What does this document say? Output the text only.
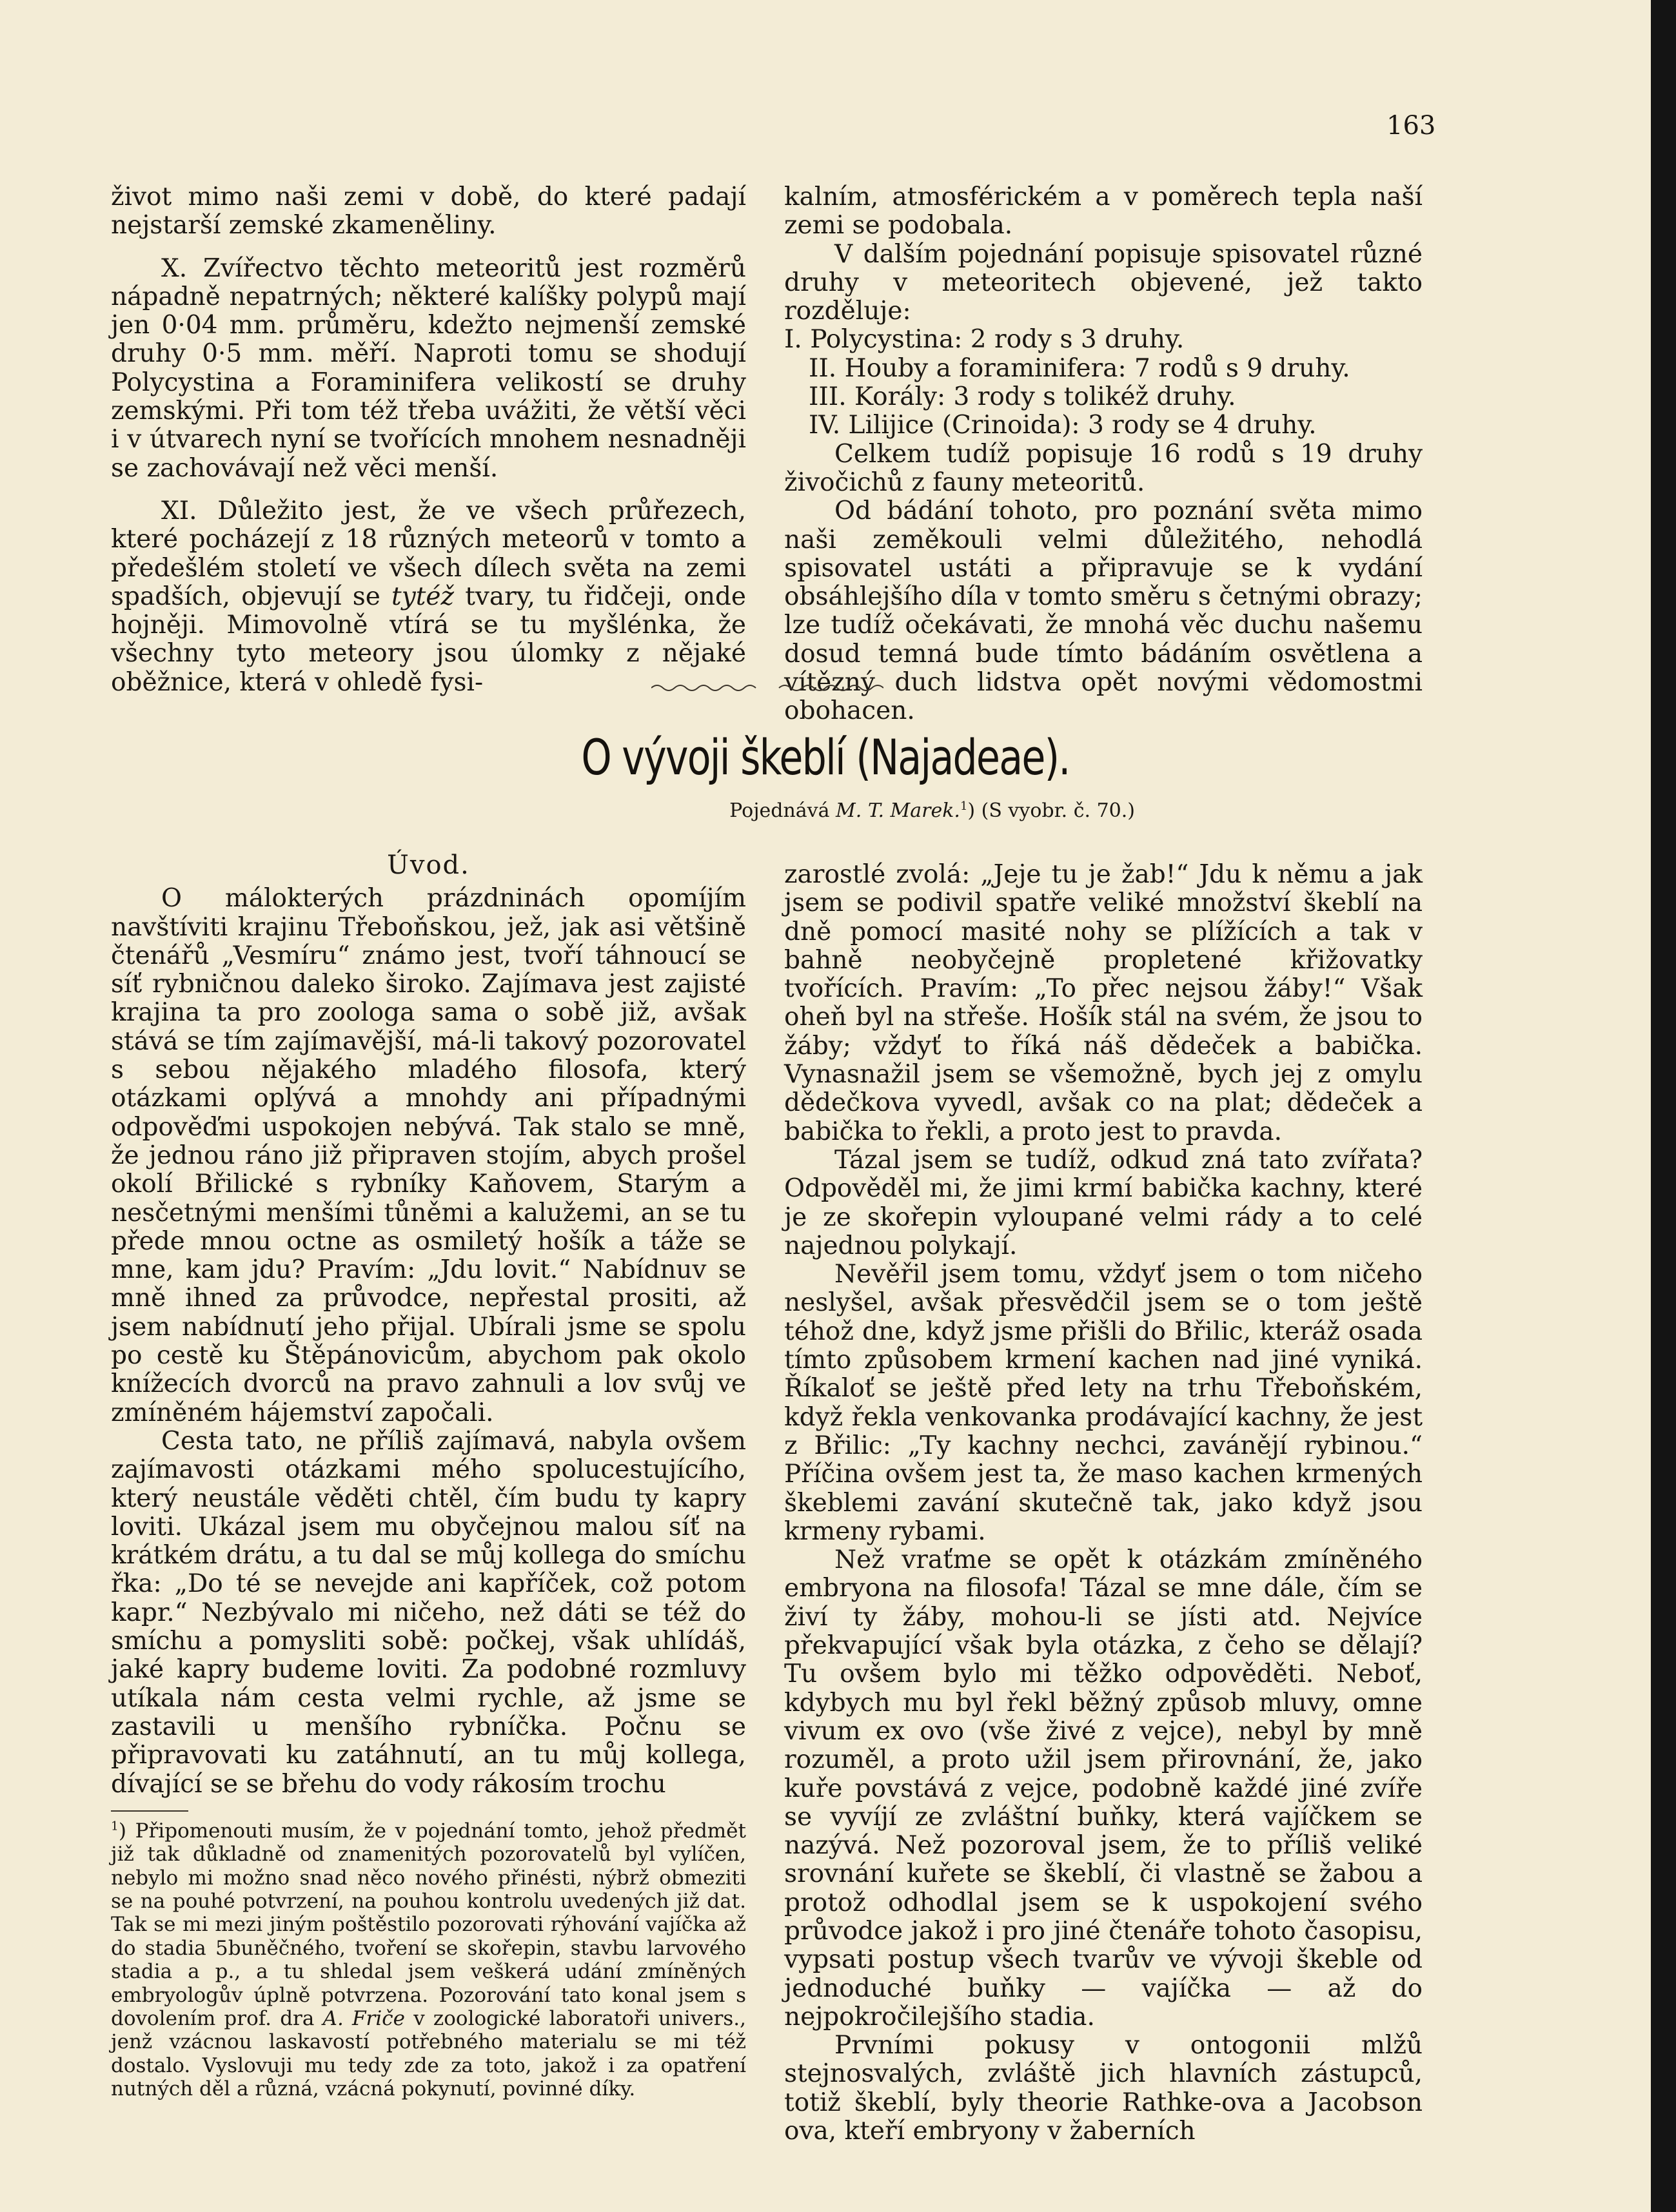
163

život mimo naši zemi v době, do které padají nejstarší zemské zkameněliny.

X. Zvířectvo těchto meteoritů jest rozměrů nápadně nepatrných; některé kalíšky polypů mají jen 0·04 mm. průměru, kdežto nejmenší zemské druhy 0·5 mm. měří. Naproti tomu se shodují Polycystina a Foraminifera velikostí se druhy zemskými. Při tom též třeba uvážiti, že větší věci i v útvarech nyní se tvořících mnohem nesnadněji se zachovávají než věci menší.

XI. Důležito jest, že ve všech průřezech, které pocházejí z 18 různých meteorů v tomto a předešlém století ve všech dílech světa na zemi spadších, objevují se tytéž tvary, tu řidčeji, onde hojněji. Mimovolně vtírá se tu myšlénka, že všechny tyto meteory jsou úlomky z nějaké oběžnice, která v ohledě fysi-

kalním, atmosférickém a v poměrech tepla naší zemi se podobala.

V dalším pojednání popisuje spisovatel různé druhy v meteoritech objevené, jež takto rozděluje:

I. Polycystina: 2 rody s 3 druhy.

II. Houby a foraminifera: 7 rodů s 9 druhy.

III. Korály: 3 rody s tolikéž druhy.

IV. Lilijice (Crinoida): 3 rody se 4 druhy.

Celkem tudíž popisuje 16 rodů s 19 druhy živočichů z fauny meteoritů.

Od bádání tohoto, pro poznání světa mimo naši zeměkouli velmi důležitého, nehodlá spisovatel ustáti a připravuje se k vydání obsáhlejšího díla v tomto směru s četnými obrazy; lze tudíž očekávati, že mnohá věc duchu našemu dosud temná bude tímto bádáním osvětlena a vítězný duch lidstva opět novými vědomostmi obohacen.

O vývoji škeblí (Najadeae).
Pojednává M. T. Marek.$^1$) (S vyobr. č. 70.)
Úvod.

O málokterých prázdninách opomíjím navštíviti krajinu Třeboňskou, jež, jak asi většině čtenářů „Vesmíru“ známo jest, tvoří táhnoucí se síť rybničnou daleko široko. Zajímava jest zajisté krajina ta pro zoologa sama o sobě již, avšak stává se tím zajímavější, má-li takový pozorovatel s sebou nějakého mladého filosofa, který otázkami oplývá a mnohdy ani případnými odpověďmi uspokojen nebývá. Tak stalo se mně, že jednou ráno již připraven stojím, abych prošel okolí Břilické s rybníky Kaňovem, Starým a nesčetnými menšími tůněmi a kalužemi, an se tu přede mnou octne as osmiletý hošík a táže se mne, kam jdu? Pravím: „Jdu lovit.“ Nabídnuv se mně ihned za průvodce, nepřestal prositi, až jsem nabídnutí jeho přijal. Ubírali jsme se spolu po cestě ku Štěpánovicům, abychom pak okolo knížecích dvorců na pravo zahnuli a lov svůj ve zmíněném hájemství započali.

Cesta tato, ne příliš zajímavá, nabyla ovšem zajímavosti otázkami mého spolucestujícího, který neustále věděti chtěl, čím budu ty kapry loviti. Ukázal jsem mu obyčejnou malou síť na krátkém drátu, a tu dal se můj kollega do smíchu řka: „Do té se nevejde ani kapříček, což potom kapr.“ Nezbývalo mi ničeho, než dáti se též do smíchu a pomysliti sobě: počkej, však uhlídáš, jaké kapry budeme loviti. Za podobné rozmluvy utíkala nám cesta velmi rychle, až jsme se zastavili u menšího rybníčka. Počnu se připravovati ku zatáhnutí, an tu můj kollega, dívající se se břehu do vody rákosím trochu

$^1$) Připomenouti musím, že v pojednání tomto, jehož předmět již tak důkladně od znamenitých pozorovatelů byl vylíčen, nebylo mi možno snad něco nového přinésti, nýbrž obmeziti se na pouhé potvrzení, na pouhou kontrolu uvedených již dat. Tak se mi mezi jiným poštěstilo pozorovati rýhování vajíčka až do stadia 5buněčného, tvoření se skořepin, stavbu larvového stadia a p., a tu shledal jsem veškerá udání zmíněných embryologův úplně potvrzena. Pozorování tato konal jsem s dovolením prof. dra A. Friče v zoologické laboratoři univers., jenž vzácnou laskavostí potřebného materialu se mi též dostalo. Vyslovuji mu tedy zde za toto, jakož i za opatření nutných děl a různá, vzácná pokynutí, povinné díky.

zarostlé zvolá: „Jeje tu je žab!“ Jdu k němu a jak jsem se podivil spatře veliké množství škeblí na dně pomocí masité nohy se plížících a tak v bahně neobyčejně propletené křižovatky tvořících. Pravím: „To přec nejsou žáby!“ Však oheň byl na střeše. Hošík stál na svém, že jsou to žáby; vždyť to říká náš dědeček a babička. Vynasnažil jsem se všemožně, bych jej z omylu dědečkova vyvedl, avšak co na plat; dědeček a babička to řekli, a proto jest to pravda.

Tázal jsem se tudíž, odkud zná tato zvířata? Odpověděl mi, že jimi krmí babička kachny, které je ze skořepin vyloupané velmi rády a to celé najednou polykají.

Nevěřil jsem tomu, vždyť jsem o tom ničeho neslyšel, avšak přesvědčil jsem se o tom ještě téhož dne, když jsme přišli do Břilic, kteráž osada tímto způsobem krmení kachen nad jiné vyniká. Říkaloť se ještě před lety na trhu Třeboňském, když řekla venkovanka prodávající kachny, že jest z Břilic: „Ty kachny nechci, zavánějí rybinou.“ Příčina ovšem jest ta, že maso kachen krmených škeblemi zavání skutečně tak, jako když jsou krmeny rybami.

Než vraťme se opět k otázkám zmíněného embryona na filosofa! Tázal se mne dále, čím se živí ty žáby, mohou-li se jísti atd. Nejvíce překvapující však byla otázka, z čeho se dělají? Tu ovšem bylo mi těžko odpověděti. Neboť, kdybych mu byl řekl běžný způsob mluvy, omne vivum ex ovo (vše živé z vejce), nebyl by mně rozuměl, a proto užil jsem přirovnání, že, jako kuře povstává z vejce, podobně každé jiné zvíře se vyvíjí ze zvláštní buňky, která vajíčkem se nazývá. Než pozoroval jsem, že to příliš veliké srovnání kuřete se škeblí, či vlastně se žabou a protož odhodlal jsem se k uspokojení svého průvodce jakož i pro jiné čtenáře tohoto časopisu, vypsati postup všech tvarův ve vývoji škeble od jednoduché buňky — vajíčka — až do nejpokročilejšího stadia.

Prvními pokusy v ontogonii mlžů stejnosvalých, zvláště jich hlavních zástupců, totiž škeblí, byly theorie Rathke-ova a Jacobson ova, kteří embryony v žaberních
